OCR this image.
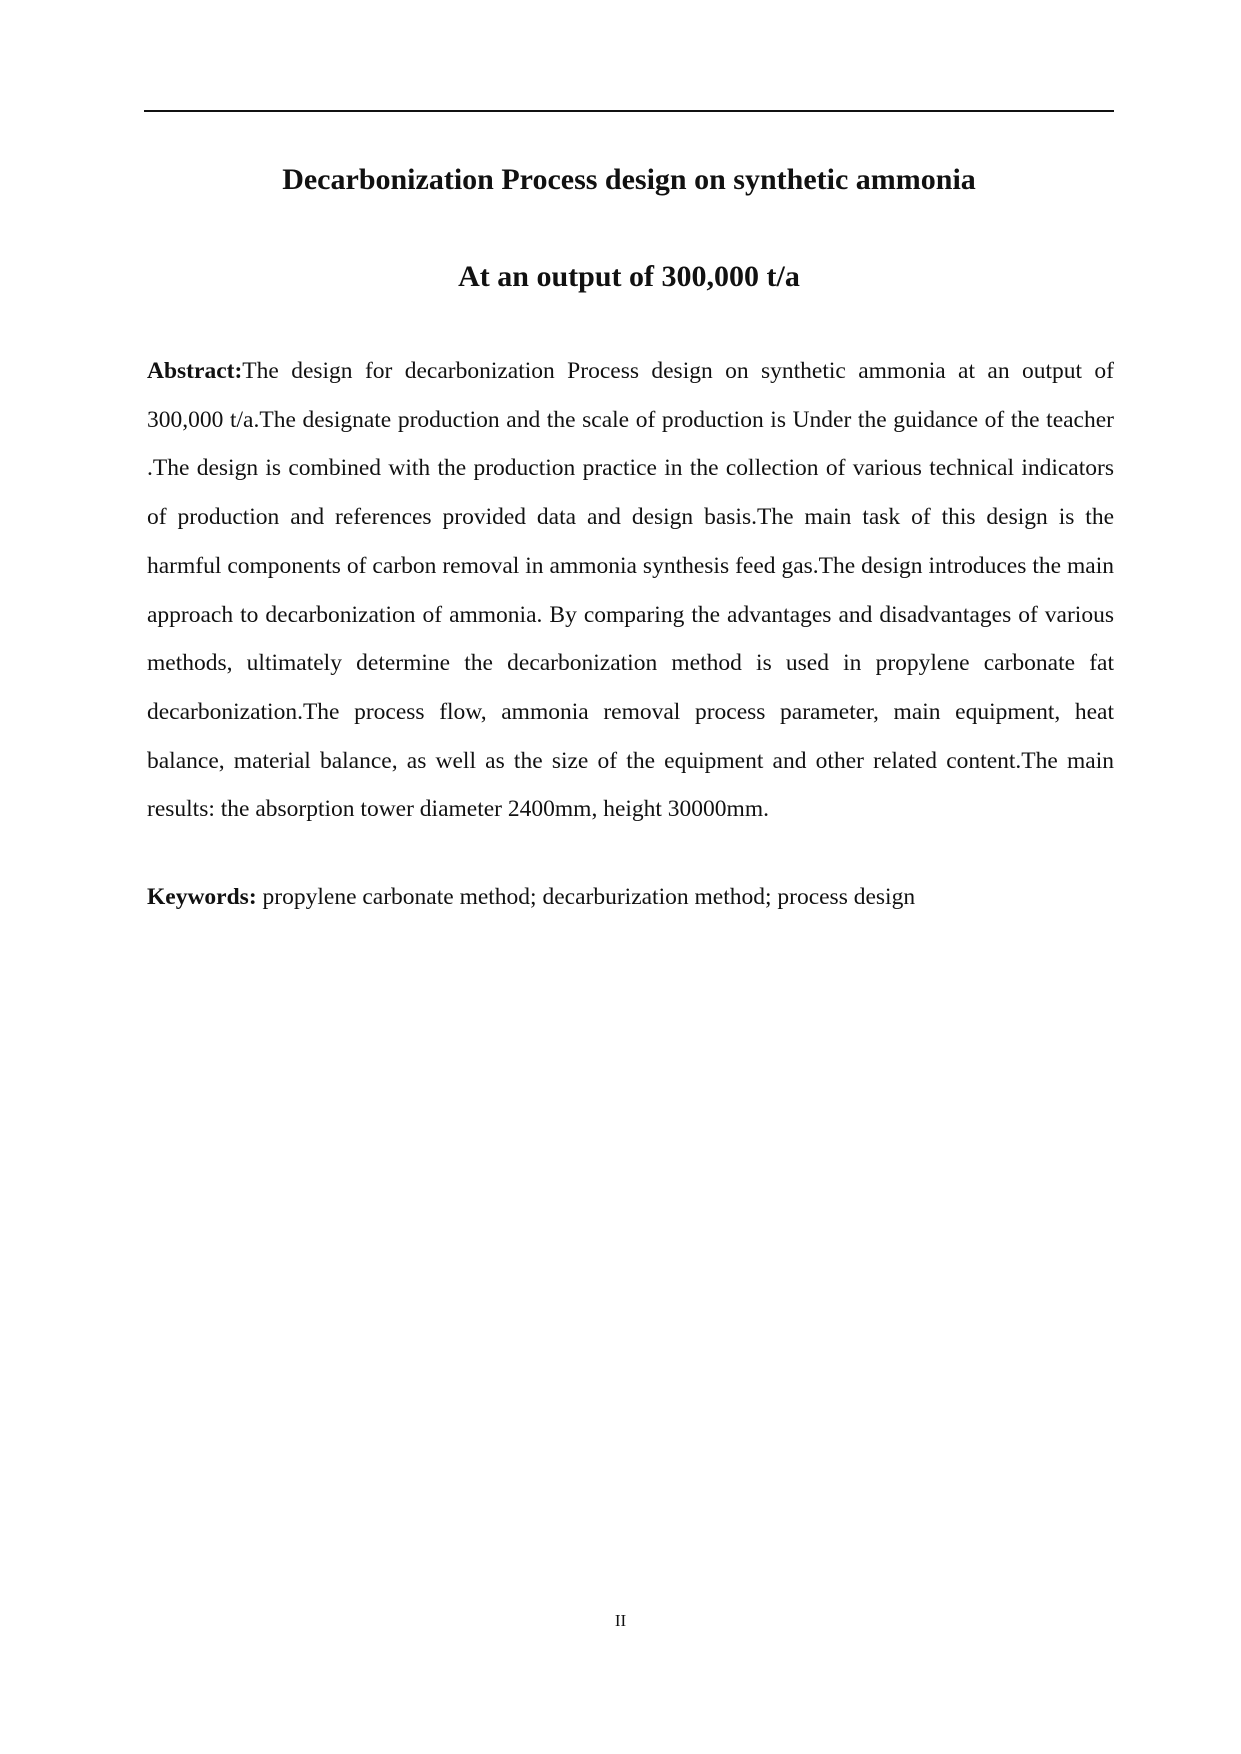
Decarbonization Process design on synthetic ammonia
At an output of 300,000 t/a

Abstract:The design for decarbonization Process design on synthetic ammonia at an output of 300,000 t/a.The designate production and the scale of production is Under the guidance of the teacher .The design is combined with the production practice in the collection of various technical indicators of production and references provided data and design basis.The main task of this design is the harmful components of carbon removal in ammonia synthesis feed gas.The design introduces the main approach to decarbonization of ammonia. By comparing the advantages and disadvantages of various methods, ultimately determine the decarbonization method is used in propylene carbonate fat decarbonization.The process flow, ammonia removal process parameter, main equipment, heat balance, material balance, as well as the size of the equipment and other related content.The main results: the absorption tower diameter 2400mm, height 30000mm.

Keywords: propylene carbonate method; decarburization method; process design

II
